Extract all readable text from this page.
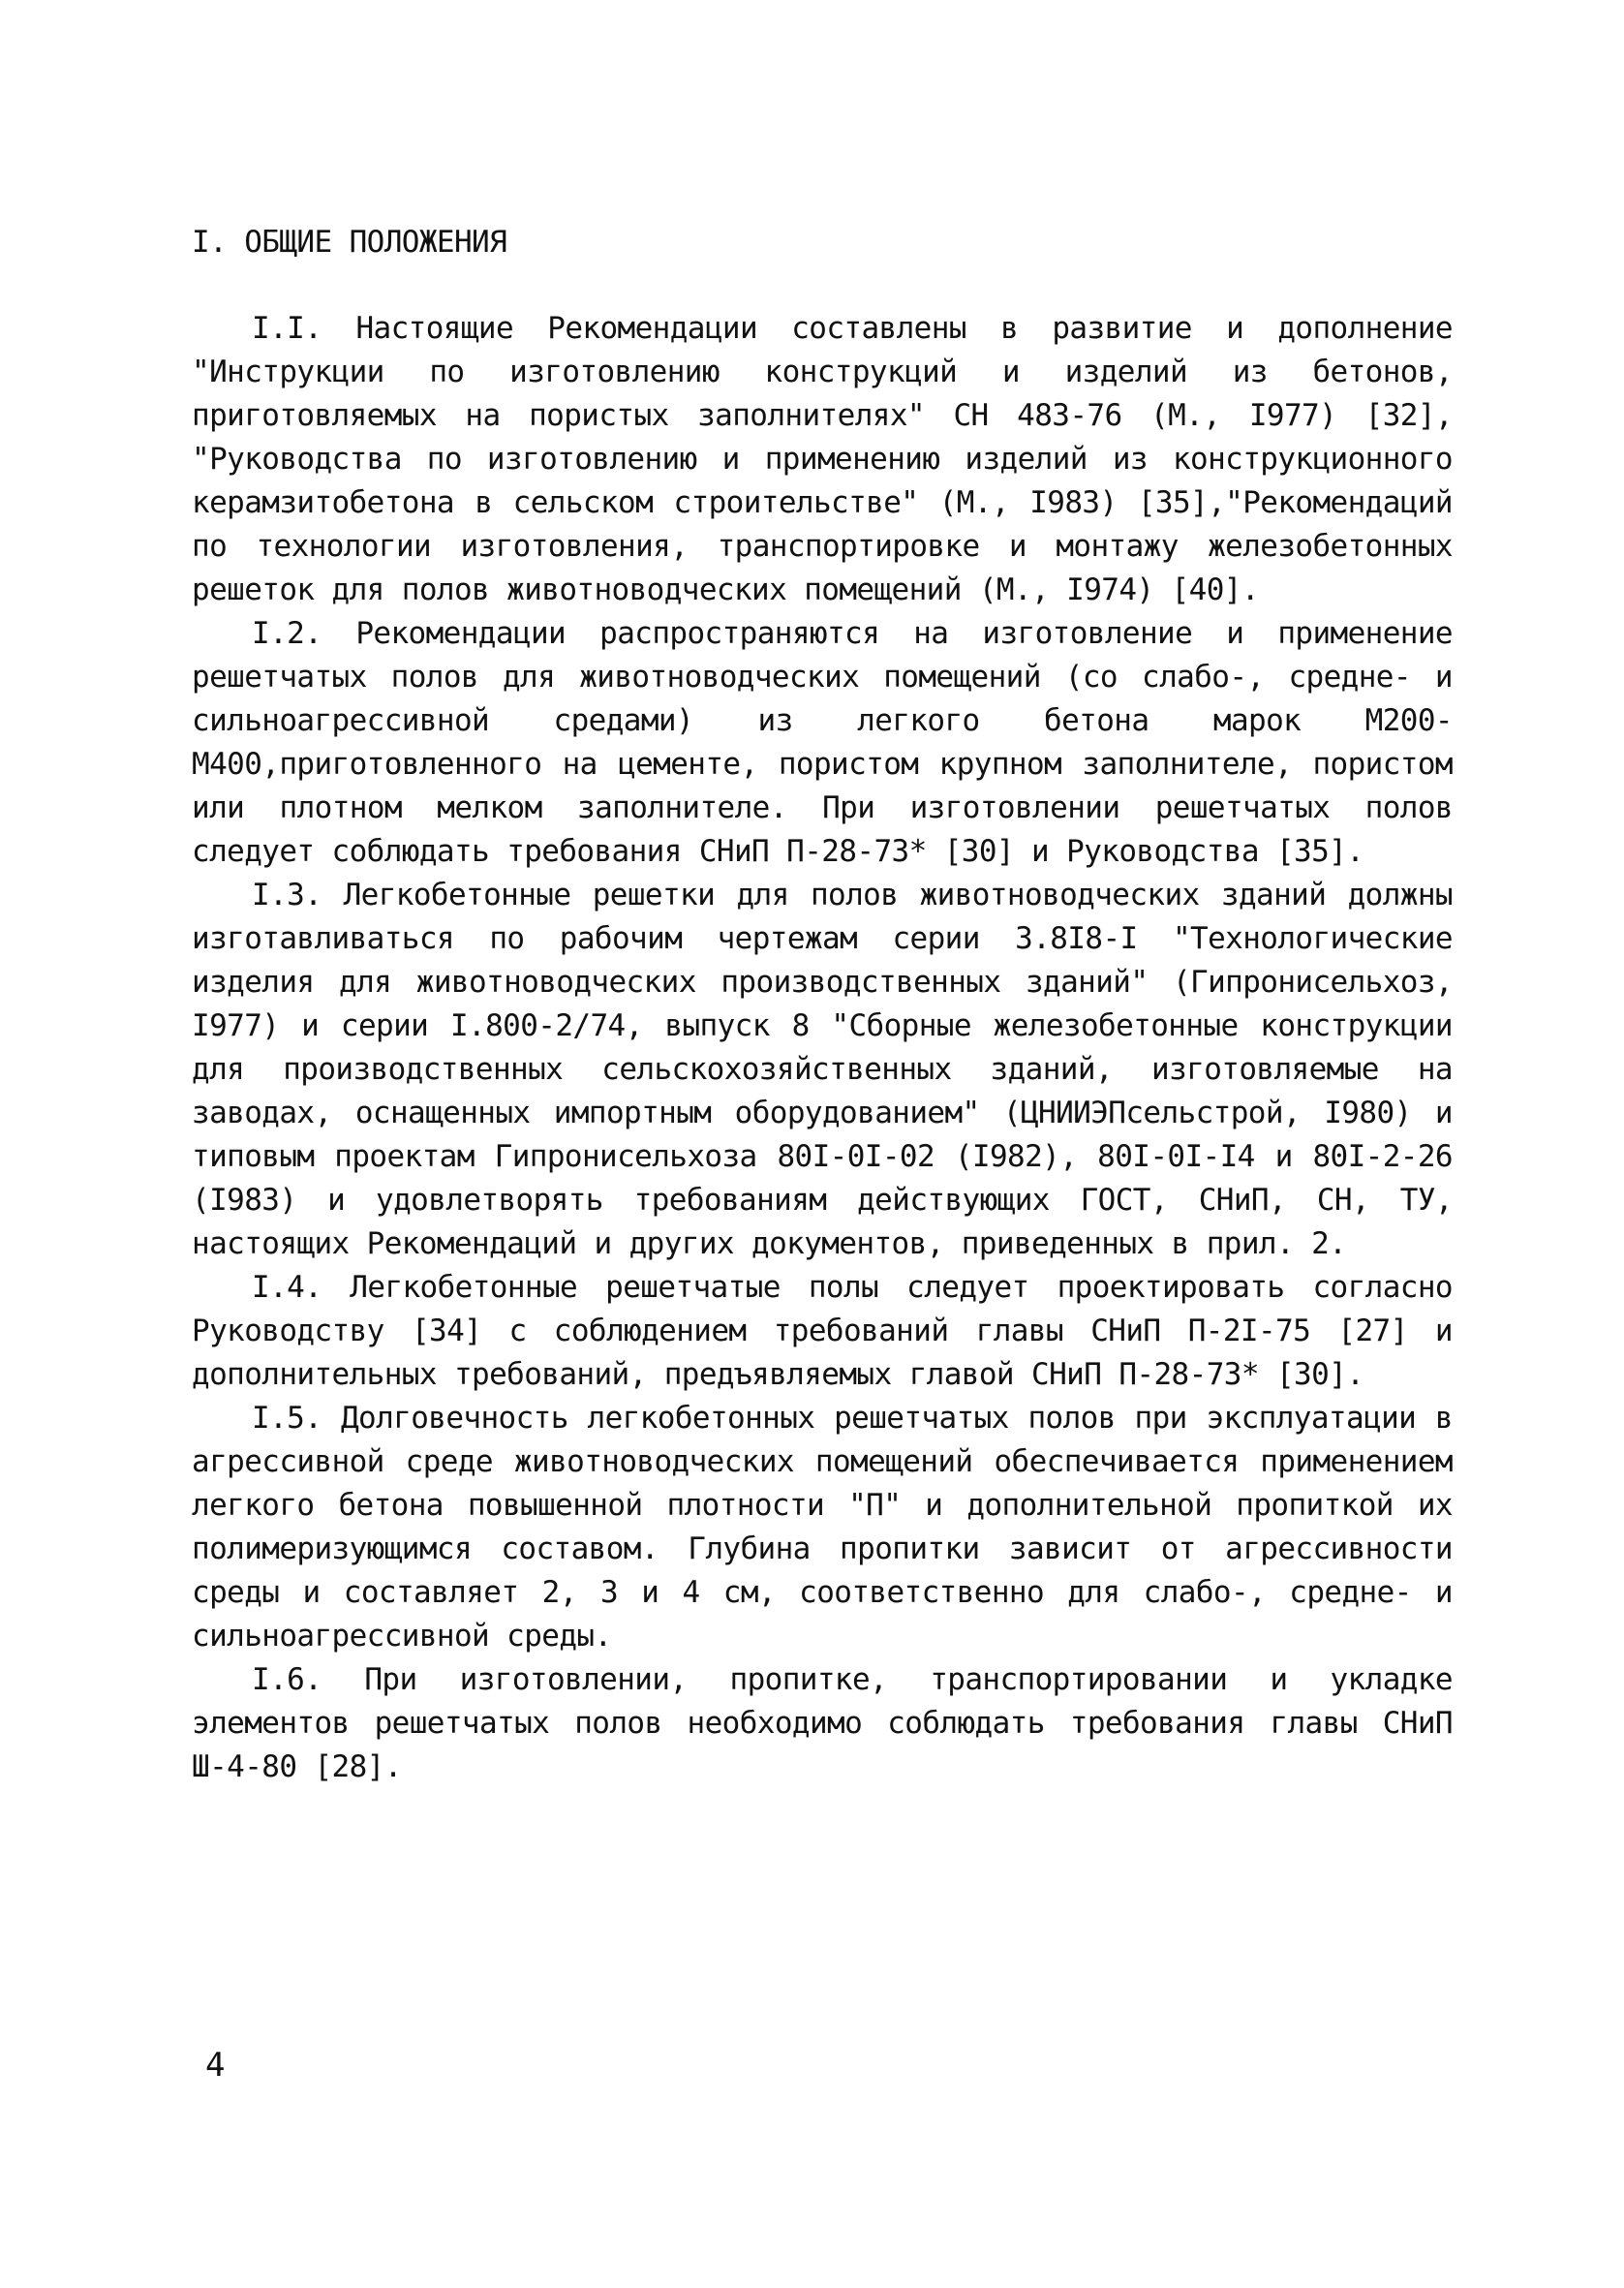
I. ОБЩИЕ ПОЛОЖЕНИЯ

I.I. Настоящие Рекомендации составлены в развитие и дополнение "Инструкции по изготовлению конструкций и изделий из бетонов, приготовляемых на пористых заполнителях" СН 483-76 (М., I977) [32], "Руководства по изготовлению и применению изделий из конструкционного керамзитобетона в сельском строительстве" (М., I983) [35],"Рекомендаций по технологии изготовления, транспортировке и монтажу железобетонных решеток для полов животноводческих помещений (М., I974) [40].

I.2. Рекомендации распространяются на изготовление и применение решетчатых полов для животноводческих помещений (со слабо-, средне- и сильноагрессивной средами) из легкого бетона марок М200-М400,приготовленного на цементе, пористом крупном заполнителе, пористом или плотном мелком заполнителе. При изготовлении решетчатых полов следует соблюдать требования СНиП П-28-73* [30] и Руководства [35].

I.3. Легкобетонные решетки для полов животноводческих зданий должны изготавливаться по рабочим чертежам серии 3.8I8-I "Технологические изделия для животноводческих производственных зданий" (Гипронисельхоз, I977) и серии I.800-2/74, выпуск 8 "Сборные железобетонные конструкции для производственных сельскохозяйственных зданий, изготовляемые на заводах, оснащенных импортным оборудованием" (ЦНИИЭПсельстрой, I980) и типовым проектам Гипронисельхоза 80I-0I-02 (I982), 80I-0I-I4 и 80I-2-26 (I983) и удовлетворять требованиям действующих ГОСТ, СНиП, СН, ТУ, настоящих Рекомендаций и других документов, приведенных в прил. 2.

I.4. Легкобетонные решетчатые полы следует проектировать согласно Руководству [34] с соблюдением требований главы СНиП П-2I-75 [27] и дополнительных требований, предъявляемых главой СНиП П-28-73* [30].

I.5. Долговечность легкобетонных решетчатых полов при эксплуатации в агрессивной среде животноводческих помещений обеспечивается применением легкого бетона повышенной плотности "П" и дополнительной пропиткой их полимеризующимся составом. Глубина пропитки зависит от агрессивности среды и составляет 2, 3 и 4 см, соответственно для слабо-, средне- и сильноагрессивной среды.

I.6. При изготовлении, пропитке, транспортировании и укладке элементов решетчатых полов необходимо соблюдать требования главы СНиП Ш-4-80 [28].

4
